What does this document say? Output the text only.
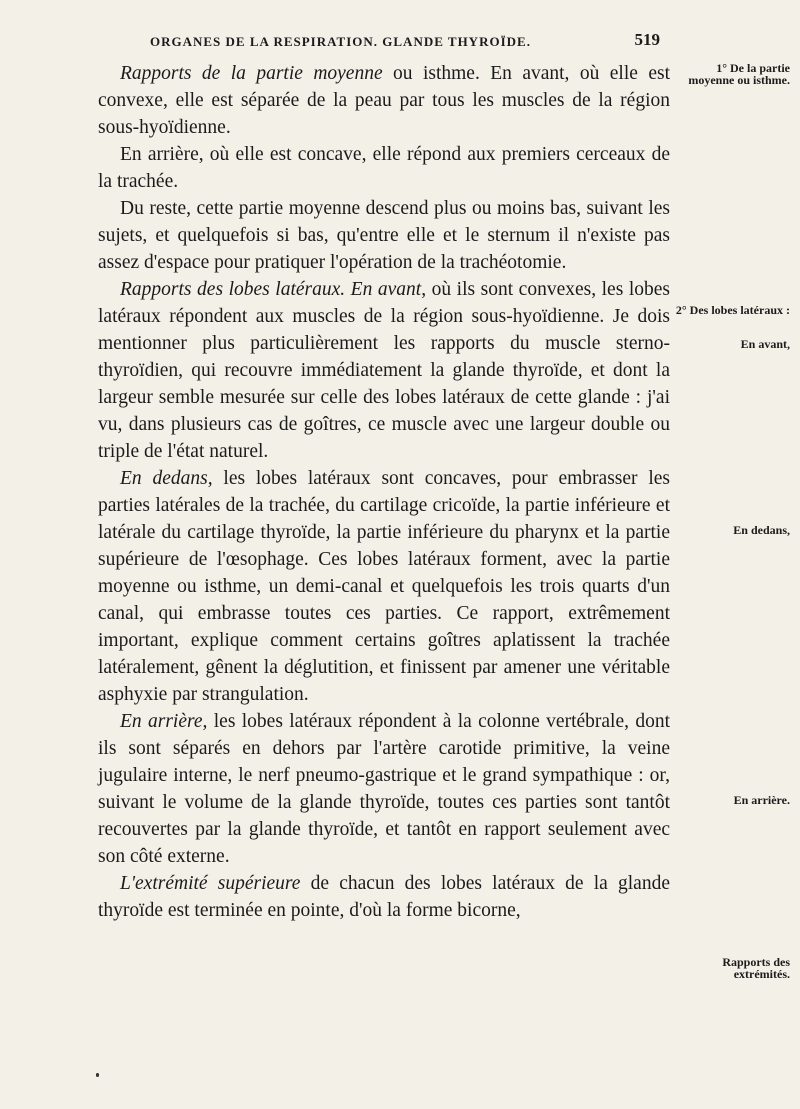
ORGANES DE LA RESPIRATION. GLANDE THYROÏDE.	519

Rapports de la partie moyenne ou isthme. En avant, où elle est convexe, elle est séparée de la peau par tous les muscles de la région sous-hyoïdienne.

En arrière, où elle est concave, elle répond aux premiers cerceaux de la trachée.

Du reste, cette partie moyenne descend plus ou moins bas, suivant les sujets, et quelquefois si bas, qu'entre elle et le sternum il n'existe pas assez d'espace pour pratiquer l'opération de la trachéotomie.

Rapports des lobes latéraux. En avant, où ils sont convexes, les lobes latéraux répondent aux muscles de la région sous-hyoïdienne. Je dois mentionner plus particulièrement les rapports du muscle sterno-thyroïdien, qui recouvre immédiatement la glande thyroïde, et dont la largeur semble mesurée sur celle des lobes latéraux de cette glande : j'ai vu, dans plusieurs cas de goîtres, ce muscle avec une largeur double ou triple de l'état naturel.

En dedans, les lobes latéraux sont concaves, pour embrasser les parties latérales de la trachée, du cartilage cricoïde, la partie inférieure et latérale du cartilage thyroïde, la partie inférieure du pharynx et la partie supérieure de l'œsophage. Ces lobes latéraux forment, avec la partie moyenne ou isthme, un demi-canal et quelquefois les trois quarts d'un canal, qui embrasse toutes ces parties. Ce rapport, extrêmement important, explique comment certains goîtres aplatissent la trachée latéralement, gênent la déglutition, et finissent par amener une véritable asphyxie par strangulation.

En arrière, les lobes latéraux répondent à la colonne vertébrale, dont ils sont séparés en dehors par l'artère carotide primitive, la veine jugulaire interne, le nerf pneumo-gastrique et le grand sympathique : or, suivant le volume de la glande thyroïde, toutes ces parties sont tantôt recouvertes par la glande thyroïde, et tantôt en rapport seulement avec son côté externe.

L'extrémité supérieure de chacun des lobes latéraux de la glande thyroïde est terminée en pointe, d'où la forme bicorne,

1° De la partie moyenne ou isthme.
2° Des lobes latéraux :
En avant,
En dedans,
En arrière.
Rapports des extrémités.
